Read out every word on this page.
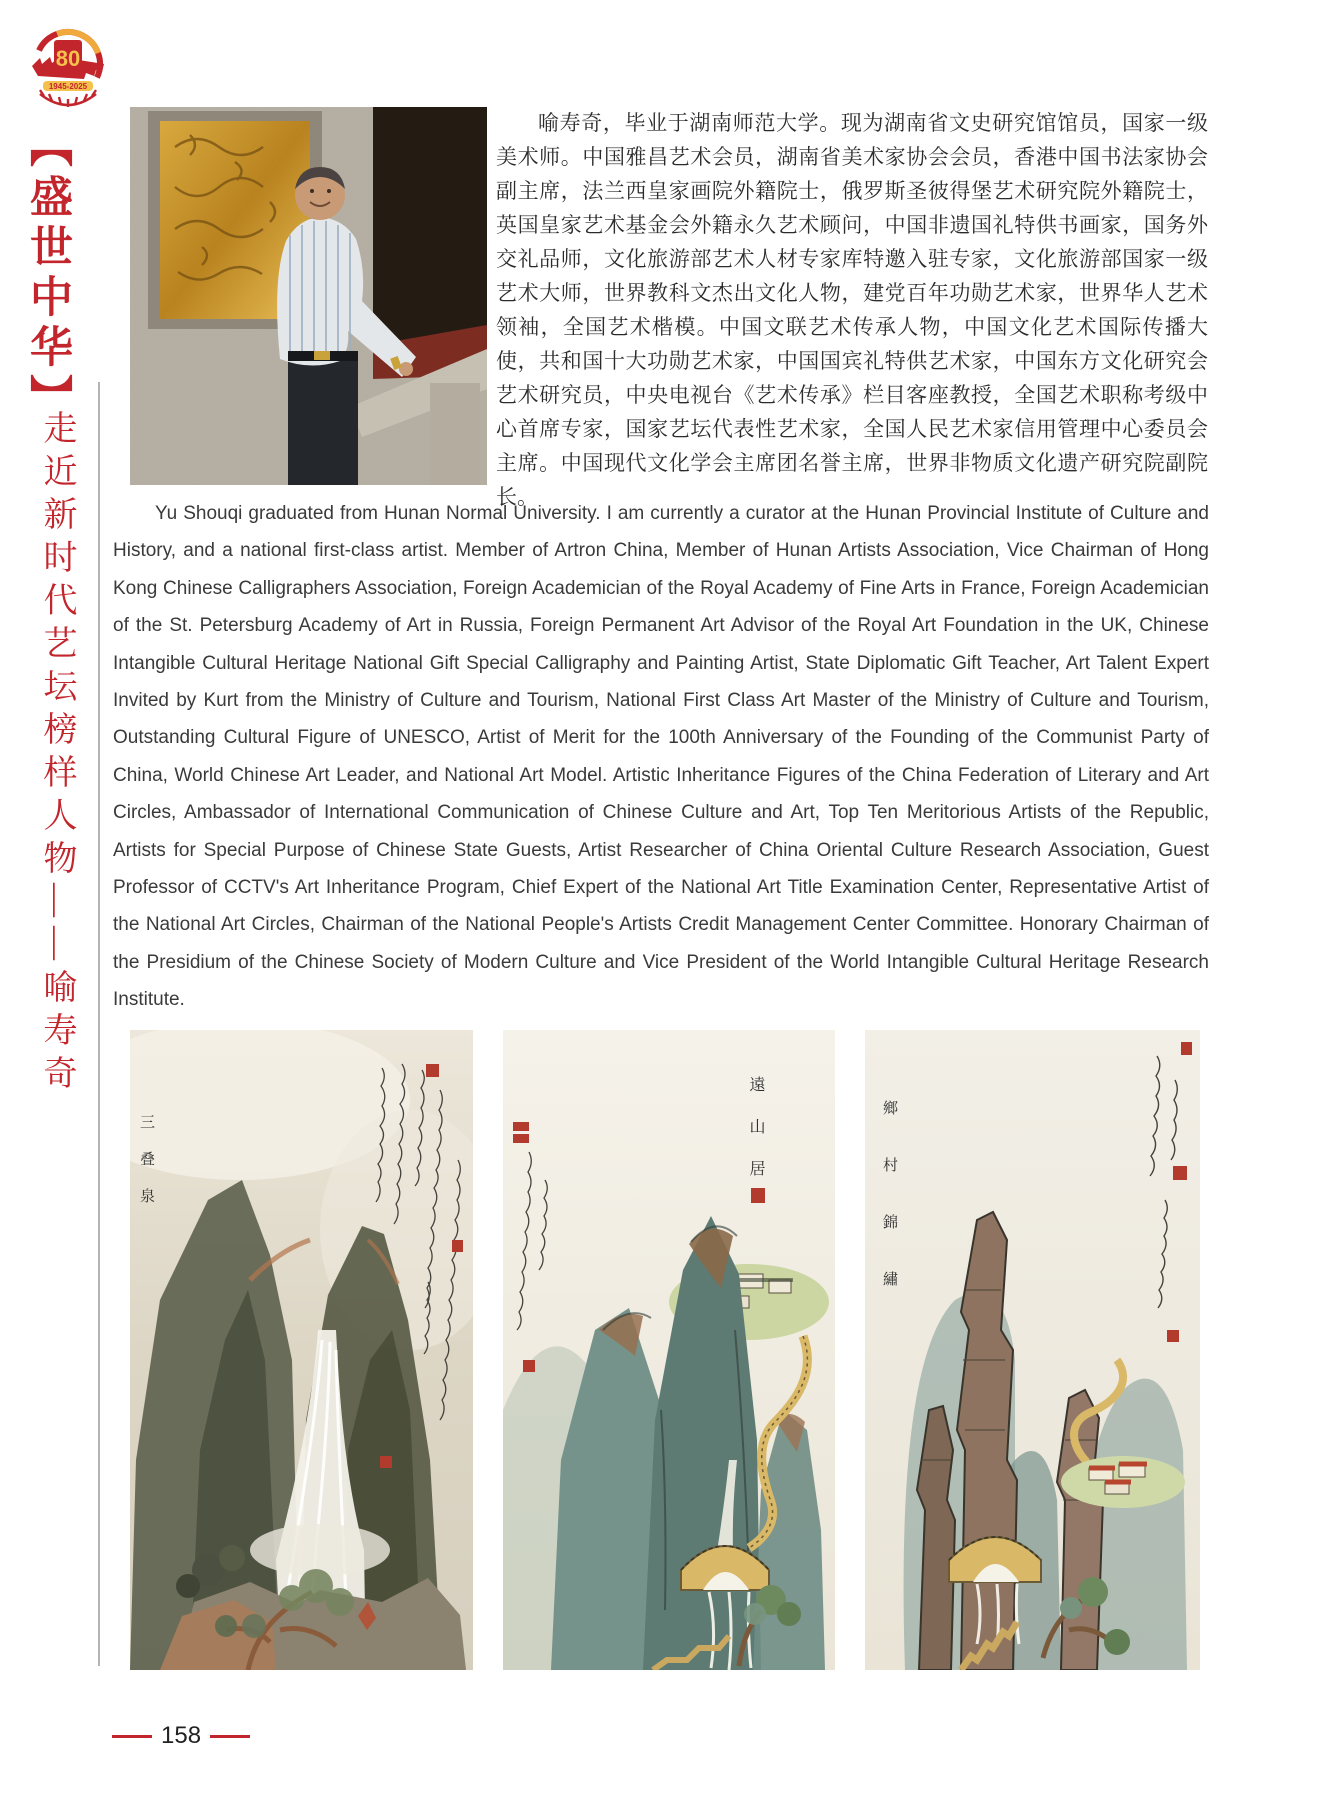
80
1945-2025
【盛世中华】
走近新时代艺坛榜样人物——喻寿奇
喻寿奇，毕业于湖南师范大学。现为湖南省文史研究馆馆员，国家一级美术师。中国雅昌艺术会员，湖南省美术家协会会员，香港中国书法家协会副主席，法兰西皇家画院外籍院士，俄罗斯圣彼得堡艺术研究院外籍院士，英国皇家艺术基金会外籍永久艺术顾问，中国非遗国礼特供书画家，国务外交礼品师，文化旅游部艺术人材专家库特邀入驻专家，文化旅游部国家一级艺术大师，世界教科文杰出文化人物，建党百年功勋艺术家，世界华人艺术领袖，全国艺术楷模。中国文联艺术传承人物，中国文化艺术国际传播大使，共和国十大功勋艺术家，中国国宾礼特供艺术家，中国东方文化研究会艺术研究员，中央电视台《艺术传承》栏目客座教授，全国艺术职称考级中心首席专家，国家艺坛代表性艺术家，全国人民艺术家信用管理中心委员会主席。中国现代文化学会主席团名誉主席，世界非物质文化遗产研究院副院长。
Yu Shouqi graduated from Hunan Normal University. I am currently a curator at the Hunan Provincial Institute of Culture and History, and a national first-class artist. Member of Artron China, Member of Hunan Artists Association, Vice Chairman of Hong Kong Chinese Calligraphers Association, Foreign Academician of the Royal Academy of Fine Arts in France, Foreign Academician of the St. Petersburg Academy of Art in Russia, Foreign Permanent Art Advisor of the Royal Art Foundation in the UK, Chinese Intangible Cultural Heritage National Gift Special Calligraphy and Painting Artist, State Diplomatic Gift Teacher, Art Talent Expert Invited by Kurt from the Ministry of Culture and Tourism, National First Class Art Master of the Ministry of Culture and Tourism, Outstanding Cultural Figure of UNESCO, Artist of Merit for the 100th Anniversary of the Founding of the Communist Party of China, World Chinese Art Leader, and National Art Model. Artistic Inheritance Figures of the China Federation of Literary and Art Circles, Ambassador of International Communication of Chinese Culture and Art, Top Ten Meritorious Artists of the Republic, Artists for Special Purpose of Chinese State Guests, Artist Researcher of China Oriental Culture Research Association, Guest Professor of CCTV's Art Inheritance Program, Chief Expert of the National Art Title Examination Center, Representative Artist of the National Art Circles, Chairman of the National People's Artists Credit Management Center Committee. Honorary Chairman of the Presidium of the Chinese Society of Modern Culture and Vice President of the World Intangible Cultural Heritage Research Institute.
三叠泉	遠山居	鄉村錦繡
158
